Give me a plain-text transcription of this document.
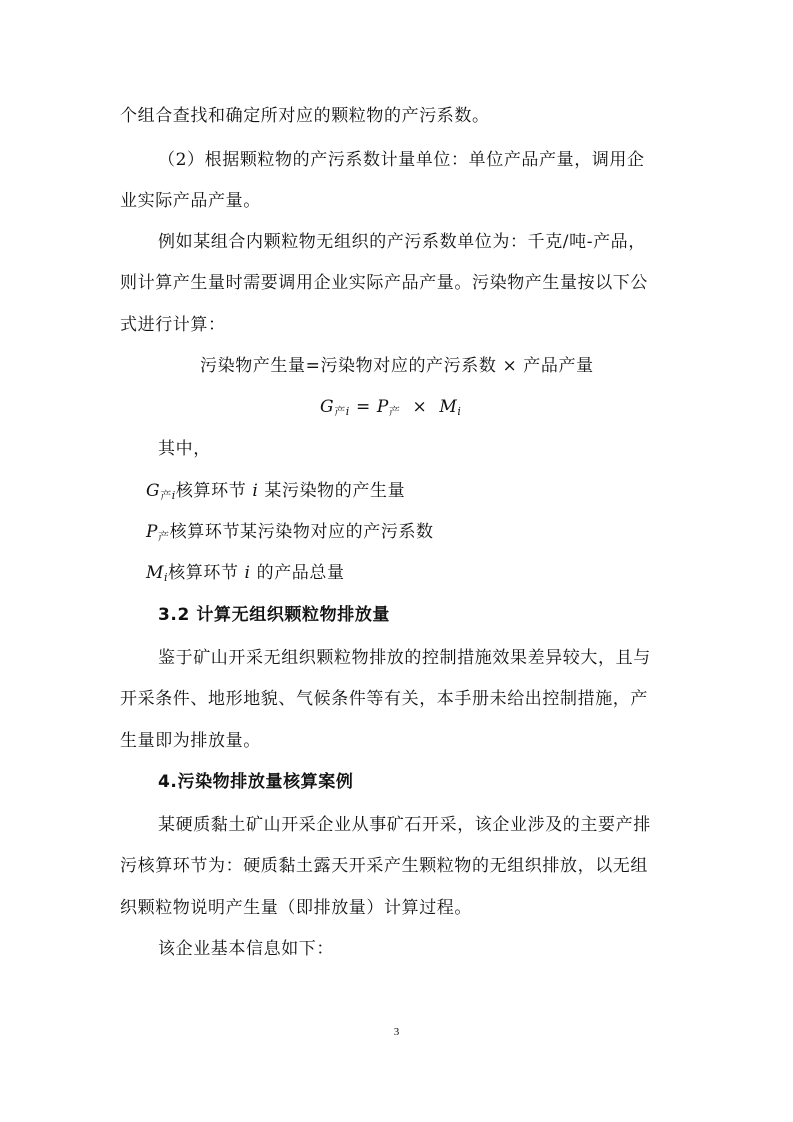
个组合查找和确定所对应的颗粒物的产污系数。
（2）根据颗粒物的产污系数计量单位：单位产品产量，调用企
业实际产品产量。
例如某组合内颗粒物无组织的产污系数单位为：千克/吨-产品，
则计算产生量时需要调用企业实际产品产量。污染物产生量按以下公
式进行计算：
污染物产生量=污染物对应的产污系数 × 产品产量
$G_产i = P_产 \times Mi$
其中，
$G_产i$核算环节 i 某污染物的产生量
$P_产$核算环节某污染物对应的产污系数
Mi核算环节 i 的产品总量
3.2 计算无组织颗粒物排放量
鉴于矿山开采无组织颗粒物排放的控制措施效果差异较大，且与
开采条件、地形地貌、气候条件等有关，本手册未给出控制措施，产
生量即为排放量。
4.污染物排放量核算案例
某硬质黏土矿山开采企业从事矿石开采，该企业涉及的主要产排
污核算环节为：硬质黏土露天开采产生颗粒物的无组织排放，以无组
织颗粒物说明产生量（即排放量）计算过程。
该企业基本信息如下：
3
